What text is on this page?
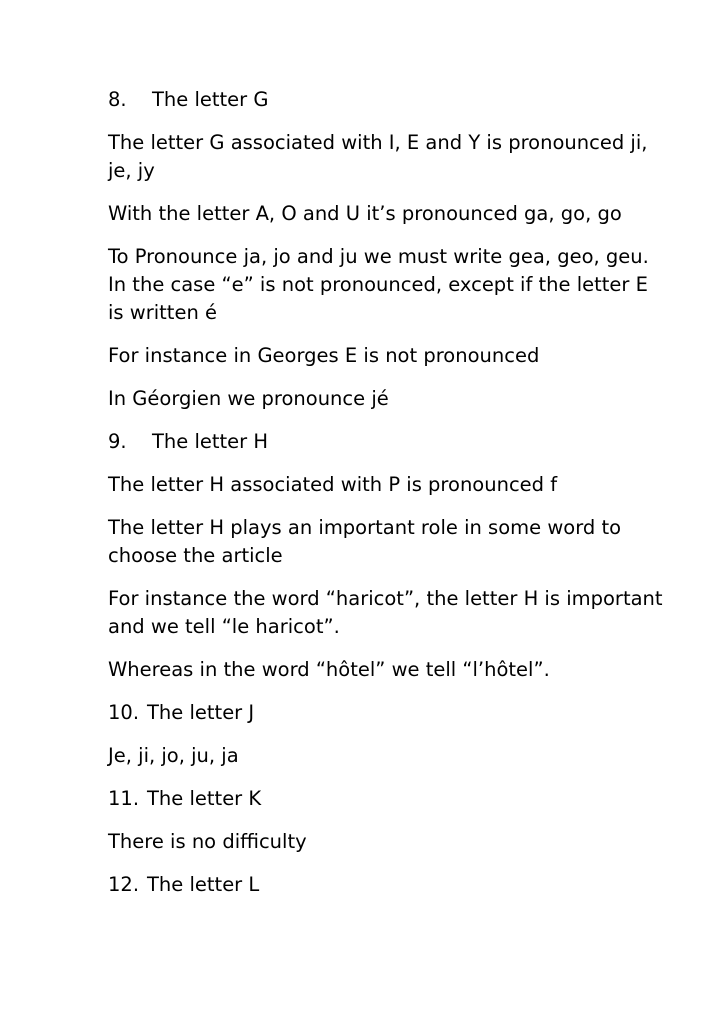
8.	The letter G

The letter G associated with I, E and Y is pronounced ji, je, jy

With the letter A, O and U it’s pronounced ga, go, go

To Pronounce ja, jo and ju we must write gea, geo, geu. In the case “e” is not pronounced, except if the letter E is written é

For instance in Georges E is not pronounced

In Géorgien we pronounce jé

9.	The letter H

The letter H associated with P is pronounced f

The letter H plays an important role in some word to choose the article

For instance the word “haricot”, the letter H is important and we tell “le haricot”.

Whereas in the word “hôtel” we tell “l’hôtel”.

10. The letter J

Je, ji, jo, ju, ja

11. The letter K

There is no difficulty

12. The letter L
